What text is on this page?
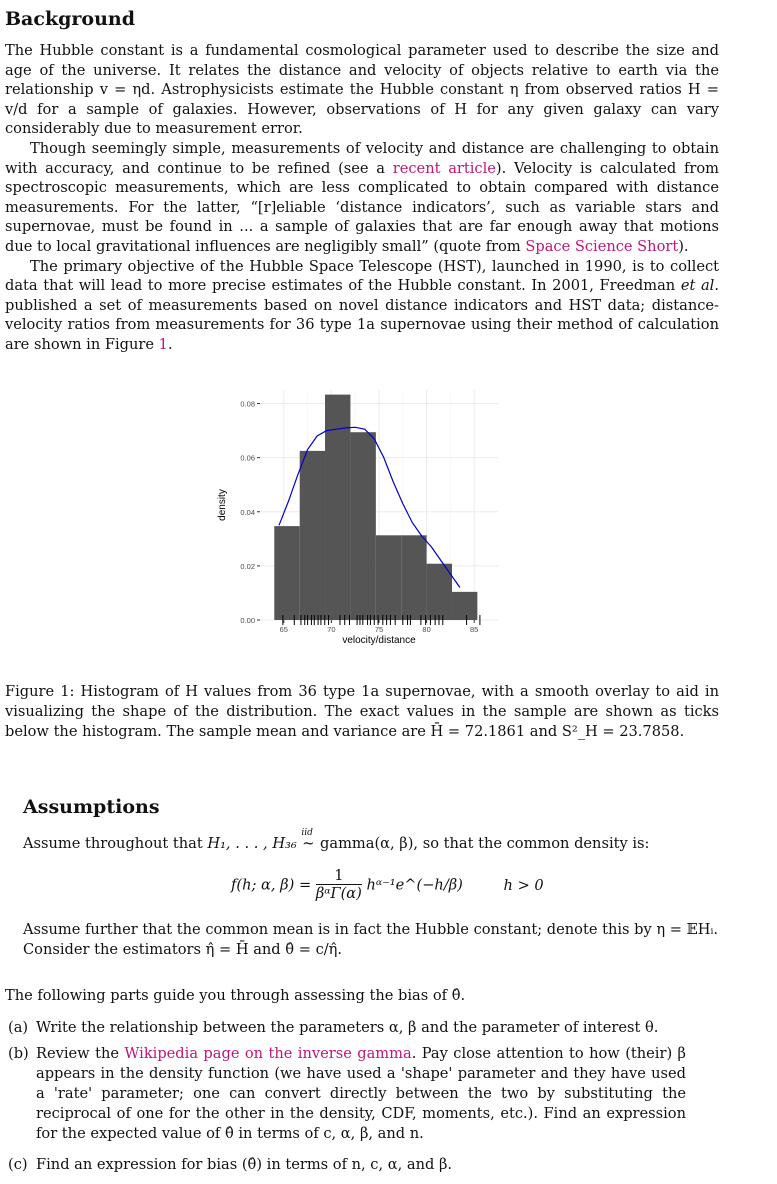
Background

The Hubble constant is a fundamental cosmological parameter used to describe the size and age of the universe. It relates the distance and velocity of objects relative to earth via the relationship v = ηd. Astrophysicists estimate the Hubble constant η from observed ratios H = v/d for a sample of galaxies. However, observations of H for any given galaxy can vary considerably due to measurement error.

Though seemingly simple, measurements of velocity and distance are challenging to obtain with accuracy, and continue to be refined (see a recent article). Velocity is calculated from spectroscopic measurements, which are less complicated to obtain compared with distance measurements. For the latter, “[r]eliable ‘distance indicators’, such as variable stars and supernovae, must be found in ... a sample of galaxies that are far enough away that motions due to local gravitational influences are negligibly small” (quote from Space Science Short).

The primary objective of the Hubble Space Telescope (HST), launched in 1990, is to collect data that will lead to more precise estimates of the Hubble constant. In 2001, Freedman et al. published a set of measurements based on novel distance indicators and HST data; distance-velocity ratios from measurements for 36 type 1a supernovae using their method of calculation are shown in Figure 1.

65	70	75	80	85
0.00
0.02
0.04
0.06
0.08
velocity/distance
density
Figure 1: Histogram of H values from 36 type 1a supernovae, with a smooth overlay to aid in visualizing the shape of the distribution. The exact values in the sample are shown as ticks below the histogram. The sample mean and variance are H̄ = 72.1861 and S²_H = 23.7858.
Assumptions
Assume throughout that H₁, . . . , H₃₆
iid
~ gamma(α, β), so that the common density is:
f(h; α, $\beta) = \frac{1}{\text{βᵅΓ(α)}}$ hᵅ⁻¹e^(−h/β)	h > 0
Assume further that the common mean is in fact the Hubble constant; denote this by η = 𝔼Hᵢ.
Consider the estimators η̂ = H̄ and θ̂ = c/η̂.
The following parts guide you through assessing the bias of θ̂.
(a) Write the relationship between the parameters α, β and the parameter of interest θ.
(b) Review the Wikipedia page on the inverse gamma. Pay close attention to how (their) β appears in the density function (we have used a 'shape' parameter and they have used a 'rate' parameter; one can convert directly between the two by substituting the reciprocal of one for the other in the density, CDF, moments, etc.). Find an expression for the expected value of θ̂ in terms of c, α, β, and n.
(c) Find an expression for bias (θ̂) in terms of n, c, α, and β.
